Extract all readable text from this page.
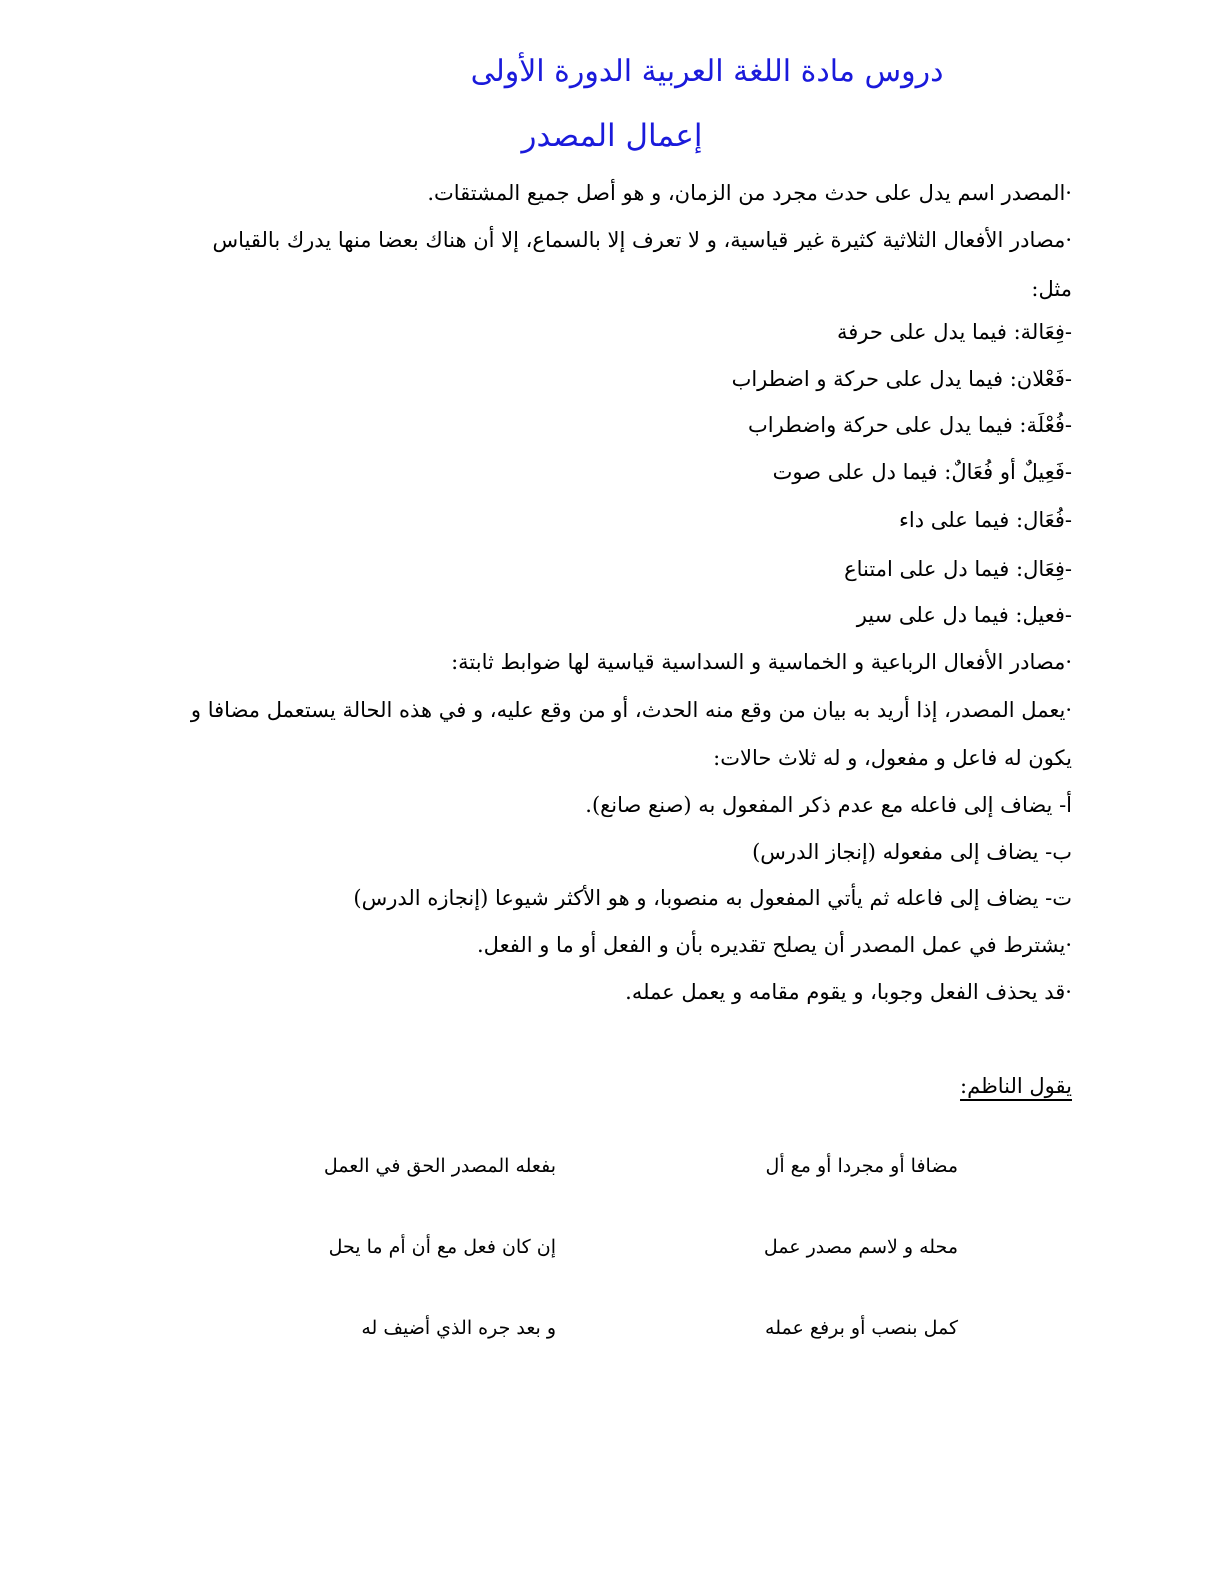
دروس مادة اللغة العربية الدورة الأولى
إعمال المصدر
·المصدر اسم يدل على حدث مجرد من الزمان، و هو أصل جميع المشتقات.
·مصادر الأفعال الثلاثية كثيرة غير قياسية، و لا تعرف إلا بالسماع، إلا أن هناك بعضا منها يدرك بالقياس
مثل:
-فِعَالة: فيما يدل على حرفة
-فَعْلان: فيما يدل على حركة و اضطراب
-فُعْلَة: فيما يدل على حركة واضطراب
-فَعِيلٌ أو فُعَالٌ: فيما دل على صوت
-فُعَال: فيما على داء
-فِعَال: فيما دل على امتناع
-فعيل: فيما دل على سير
·مصادر الأفعال الرباعية و الخماسية و السداسية قياسية لها ضوابط ثابتة:
·يعمل المصدر، إذا أريد به بيان من وقع منه الحدث، أو من وقع عليه، و في هذه الحالة يستعمل مضافا و
يكون له فاعل و مفعول، و له ثلاث حالات:
أ- يضاف إلى فاعله مع عدم ذكر المفعول به (صنع صانع).
ب- يضاف إلى مفعوله (إنجاز الدرس)
ت- يضاف إلى فاعله ثم يأتي المفعول به منصوبا، و هو الأكثر شيوعا (إنجازه الدرس)
·يشترط في عمل المصدر أن يصلح تقديره بأن و الفعل أو ما و الفعل.
·قد يحذف الفعل وجوبا، و يقوم مقامه و يعمل عمله.
يقول الناظم:
بفعله المصدر الحق في العمل	مضافا أو مجردا أو مع أل
إن كان فعل مع أن أم ما يحل	محله و لاسم مصدر عمل
و بعد جره الذي أضيف له	كمل بنصب أو برفع عمله
